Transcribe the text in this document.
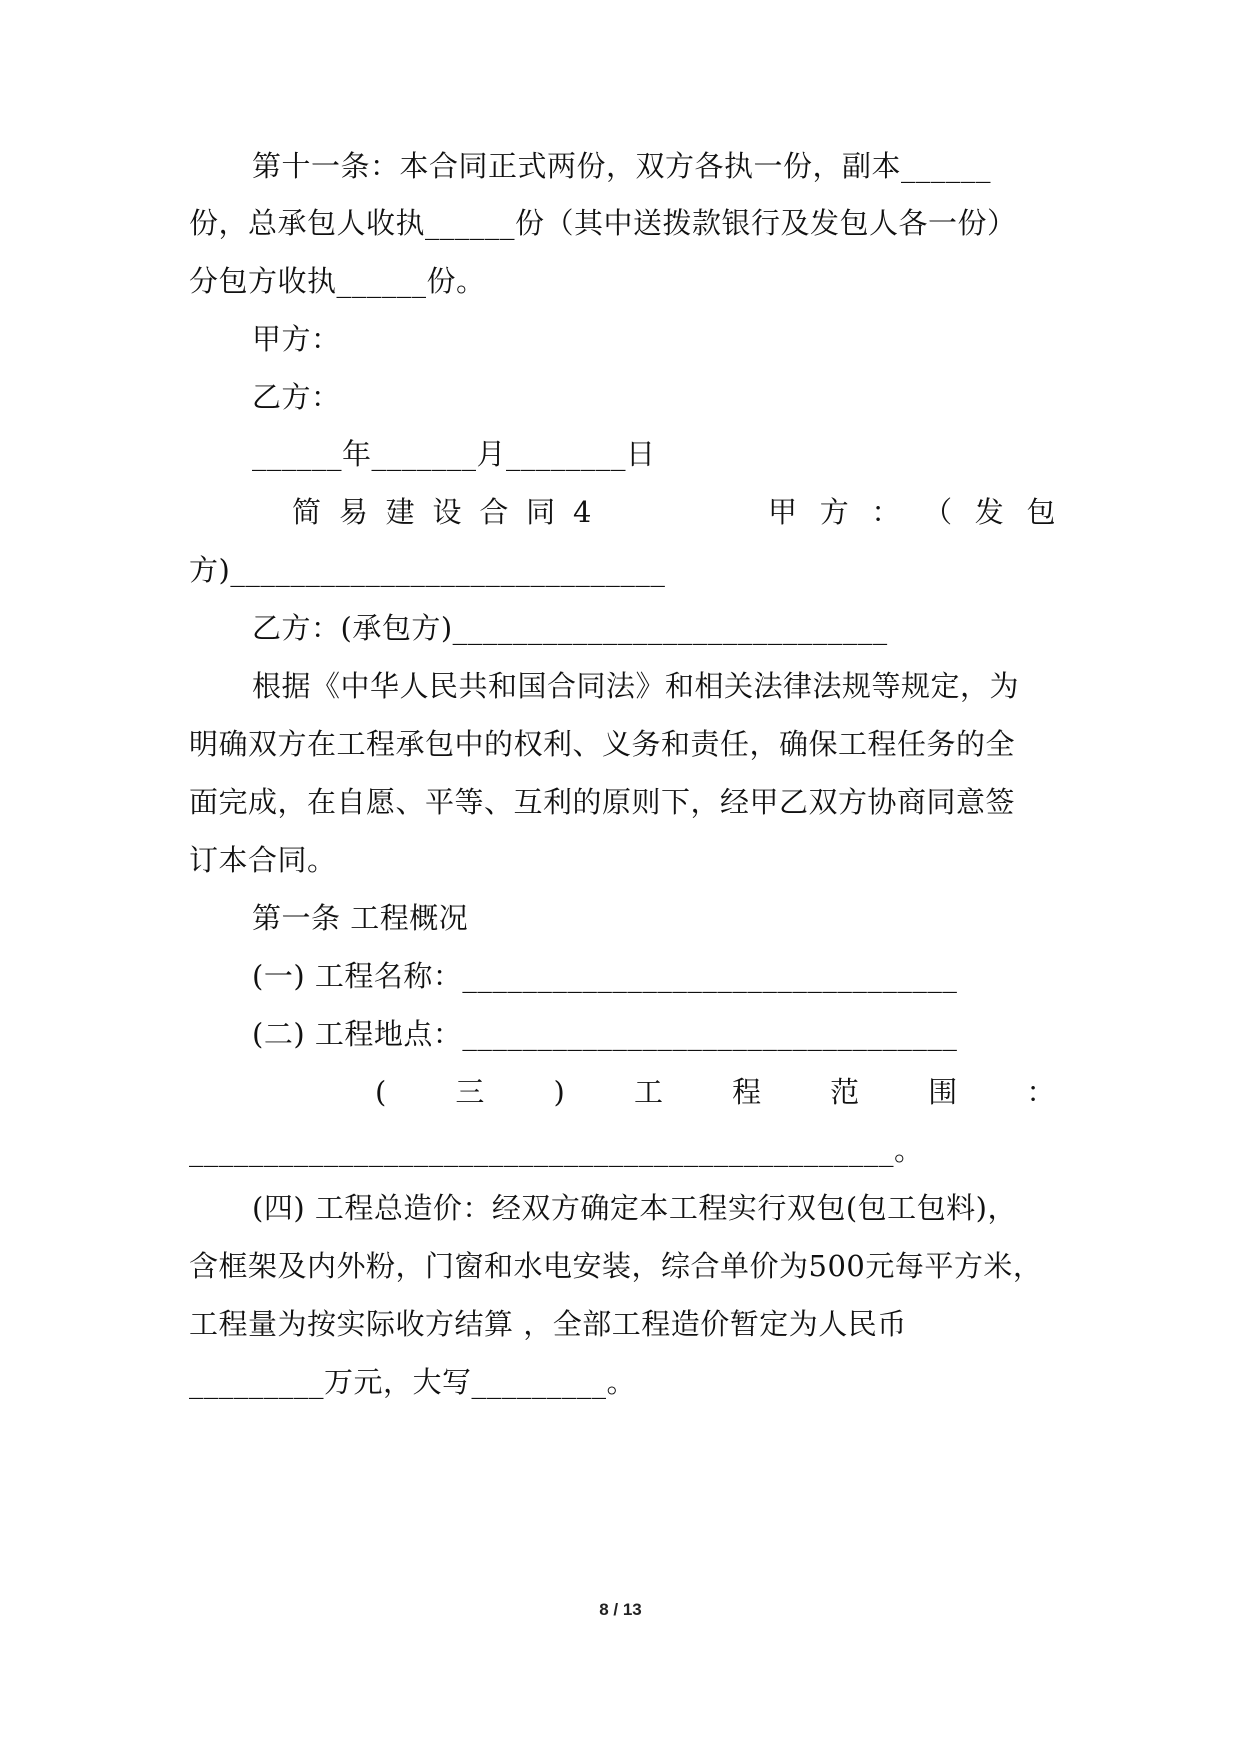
第十一条：本合同正式两份，双方各执一份，副本______
份，总承包人收执______份（其中送拨款银行及发包人各一份）
分包方收执______份。
甲方：
乙方：
______年_______月________日
简 易 建 设 合 同 4	甲 方 ： （ 发 包
方)_____________________________
乙方：(承包方)_____________________________
根据《中华人民共和国合同法》和相关法律法规等规定，为
明确双方在工程承包中的权利、义务和责任，确保工程任务的全
面完成，在自愿、平等、互利的原则下，经甲乙双方协商同意签
订本合同。
第一条 工程概况
(一) 工程名称：_________________________________
(二) 工程地点：_________________________________
( 三 ) 工 程 范 围 ：
_______________________________________________。
(四) 工程总造价：经双方确定本工程实行双包(包工包料)，
含框架及内外粉，门窗和水电安装，综合单价为500元每平方米，
工程量为按实际收方结算 ，全部工程造价暂定为人民币
_________万元，大写_________。
8 / 13
